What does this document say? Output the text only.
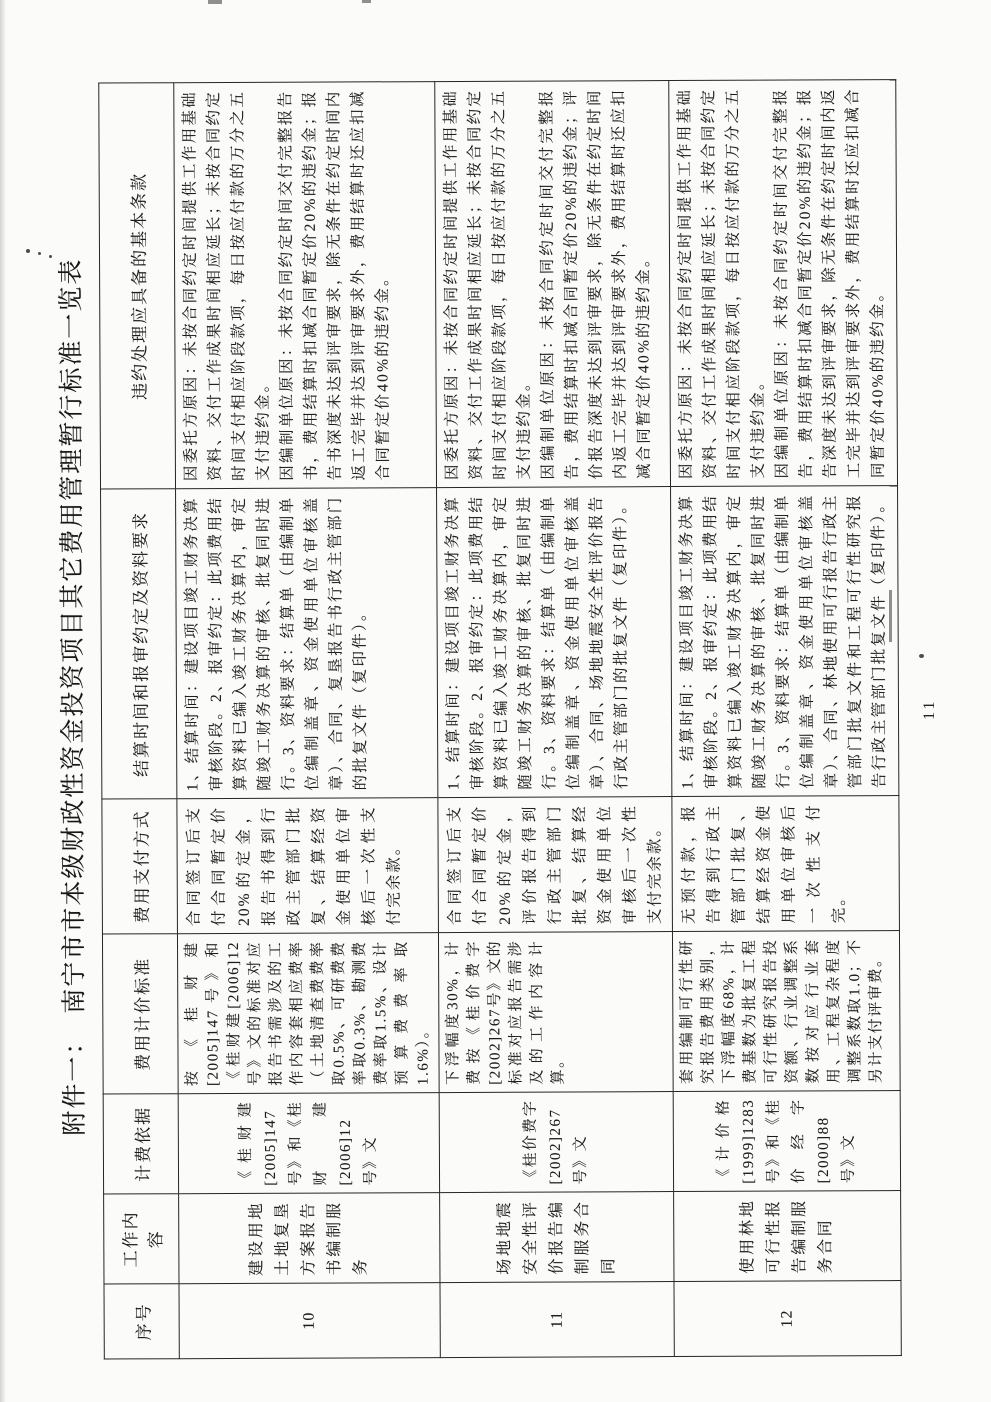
附件一：南宁市市本级财政性资金投资项目其它费用管理暂行标准一览表
序号	工作内容	计费依据	费用计价标准	费用支付方式	结算时间和报审约定及资料要求	违约处理应具备的基本条款
10	建设用地土地复垦方案报告书编制服务	《桂财建[2005]147号》和《桂财建[2006]12号》文	按《桂财建[2005]147号》和《桂财建[2006]12号》文的标准对应报告书需涉及的工作内容套相应费率（土地清查费费率取0.5%、可研费费率取0.3%、勘测费费率取1.5%、设计预算费费率取1.6%）。	合同签订后支付合同暂定价20%的定金，报告书得到行政主管部门批复、结算经资金使用单位审核后一次性支付完余款。	1、结算时间：建设项目竣工财务决算审核阶段。2、报审约定：此项费用结算资料已编入竣工财务决算内，审定随竣工财务决算的审核、批复同时进行。3、资料要求：结算单（由编制单位编制盖章、资金使用单位审核盖章）、合同、复垦报告书行政主管部门的批复文件（复印件）。	因委托方原因：未按合同约定时间提供工作用基础资料、交付工作成果时间相应延长；未按合同约定时间支付相应阶段款项，每日按应付款的万分之五支付违约金。
因编制单位原因：未按合同约定时间交付完整报告书，费用结算时扣减合同暂定价20%的违约金；报告书深度未达到评审要求，除无条件在约定时间内返工完毕并达到评审要求外，费用结算时还应扣减合同暂定价40%的违约金。
11	场地地震安全性评价报告编制服务合同	《桂价费字[2002]267号》文	下浮幅度30%，计费按《桂价费字[2002]267号》文的标准对应报告需涉及的工作内容计算。	合同签订后支付合同暂定价20%的定金，评价报告得到行政主管部门批复、结算经资金使用单位审核后一次性支付完余款。	1、结算时间：建设项目竣工财务决算审核阶段。2、报审约定：此项费用结算资料已编入竣工财务决算内，审定随竣工财务决算的审核、批复同时进行。3、资料要求：结算单（由编制单位编制盖章、资金使用单位审核盖章）、合同、场地地震安全性评价报告行政主管部门的批复文件（复印件）。	因委托方原因：未按合同约定时间提供工作用基础资料、交付工作成果时间相应延长；未按合同约定时间支付相应阶段款项，每日按应付款的万分之五支付违约金。
因编制单位原因：未按合同约定时间交付完整报告，费用结算时扣减合同暂定价20%的违约金；评价报告深度未达到评审要求，除无条件在约定时间内返工完毕并达到评审要求外，费用结算时还应扣减合同暂定价40%的违约金。
12	使用林地可行性报告编制服务合同	《计价格[1999]1283号》和《桂价经字[2000]88号》文	套用编制可行性研究报告费用类别，下浮幅度68%，计费基数为批复工程可行性研究报告投资额、行业调整系数按对应行业套用、工程复杂程度调整系数取1.0；不另计支付评审费。	无预付款，报告得到行政主管部门批复、结算经资金使用单位审核后一次性支付完。	1、结算时间：建设项目竣工财务决算审核阶段。2、报审约定：此项费用结算资料已编入竣工财务决算内，审定随竣工财务决算的审核、批复同时进行。3、资料要求：结算单（由编制单位编制盖章、资金使用单位审核盖章）、合同、林地使用可行报告行政主管部门批复文件和工程可行性研究报告行政主管部门批复文件（复印件）。	因委托方原因：未按合同约定时间提供工作用基础资料、交付工作成果时间相应延长；未按合同约定时间支付相应阶段款项，每日按应付款的万分之五支付违约金。
因编制单位原因：未按合同约定时间交付完整报告，费用结算时扣减合同暂定价20%的违约金；报告深度未达到评审要求，除无条件在约定时间内返工完毕并达到评审要求外，费用结算时还应扣减合同暂定价40%的违约金。
11
